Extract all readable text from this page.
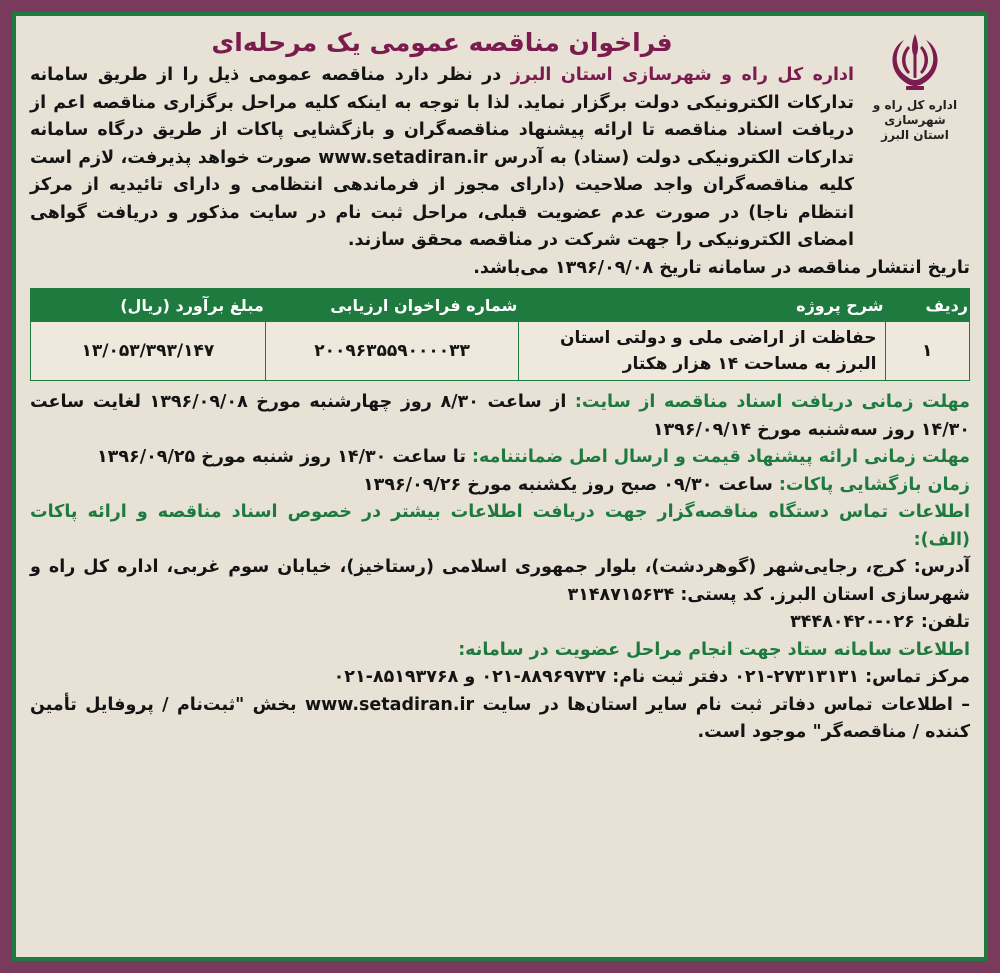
اداره کل راه و شهرسازی
استان البرز
فراخوان مناقصه عمومی یک مرحله‌ای

اداره کل راه و شهرسازی استان البرز در نظر دارد مناقصه عمومی ذیل را از طریق سامانه تدارکات الکترونیکی دولت برگزار نماید. لذا با توجه به اینکه کلیه مراحل برگزاری مناقصه اعم از دریافت اسناد مناقصه تا ارائه پیشنهاد مناقصه‌گران و بازگشایی پاکات از طریق درگاه سامانه تدارکات الکترونیکی دولت (ستاد) به آدرس www.setadiran.ir صورت خواهد پذیرفت، لازم است کلیه مناقصه‌گران واجد صلاحیت (دارای مجوز از فرماندهی انتظامی و دارای تائیدیه از مرکز انتظام ناجا) در صورت عدم عضویت قبلی، مراحل ثبت نام در سایت مذکور و دریافت گواهی امضای الکترونیکی را جهت شرکت در مناقصه محقق سازند.

تاریخ انتشار مناقصه در سامانه تاریخ ۱۳۹۶/۰۹/۰۸ می‌باشد.

ردیف	شرح پروژه	شماره فراخوان ارزیابی	مبلغ برآورد (ریال)
۱	حفاظت از اراضی ملی و دولتی استان البرز به مساحت ۱۴ هزار هکتار	۲۰۰۹۶۳۵۵۹۰۰۰۰۳۳	۱۳/۰۵۳/۳۹۳/۱۴۷

مهلت زمانی دریافت اسناد مناقصه از سایت: از ساعت ۸/۳۰ روز چهارشنبه مورخ ۱۳۹۶/۰۹/۰۸ لغایت ساعت ۱۴/۳۰ روز سه‌شنبه مورخ ۱۳۹۶/۰۹/۱۴

مهلت زمانی ارائه پیشنهاد قیمت و ارسال اصل ضمانتنامه: تا ساعت ۱۴/۳۰ روز شنبه مورخ ۱۳۹۶/۰۹/۲۵

زمان بازگشایی پاکات: ساعت ۰۹/۳۰ صبح روز یکشنبه مورخ ۱۳۹۶/۰۹/۲۶

اطلاعات تماس دستگاه مناقصه‌گزار جهت دریافت اطلاعات بیشتر در خصوص اسناد مناقصه و ارائه پاکات (الف):

آدرس: کرج، رجایی‌شهر (گوهردشت)، بلوار جمهوری اسلامی (رستاخیز)، خیابان سوم غربی، اداره کل راه و شهرسازی استان البرز. کد پستی: ۳۱۴۸۷۱۵۶۳۴

تلفن: ۰۲۶-۳۴۴۸۰۴۲۰

اطلاعات سامانه ستاد جهت انجام مراحل عضویت در سامانه:

مرکز تماس: ۲۷۳۱۳۱۳۱-۰۲۱ دفتر ثبت نام: ۸۸۹۶۹۷۳۷-۰۲۱ و ۸۵۱۹۳۷۶۸-۰۲۱

– اطلاعات تماس دفاتر ثبت نام سایر استان‌ها در سایت www.setadiran.ir بخش "ثبت‌نام / پروفایل تأمین کننده / مناقصه‌گر" موجود است.
